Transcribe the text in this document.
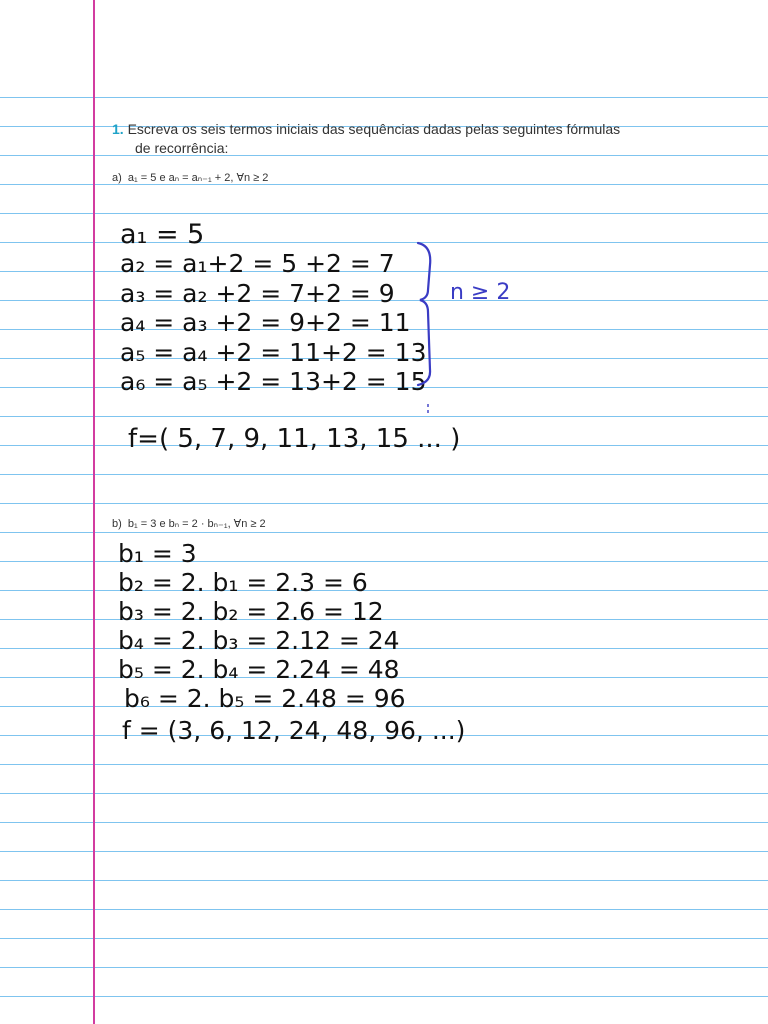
1. Escreva os seis termos iniciais das sequências dadas pelas seguintes fórmulas
de recorrência:
a) a₁ = 5 e aₙ = aₙ₋₁ + 2, ∀n ≥ 2
a₁ = 5
a₂ = a₁+2 = 5 +2 = 7
a₃ = a₂ +2 = 7+2 = 9
a₄ = a₃ +2 = 9+2 = 11
a₅ = a₄ +2 = 11+2 = 13
a₆ = a₅ +2 = 13+2 = 15
n ≥ 2
f=( 5, 7, 9, 11, 13, 15 ... )
b) b₁ = 3 e bₙ = 2 · bₙ₋₁, ∀n ≥ 2
b₁ = 3
b₂ = 2. b₁ = 2.3 = 6
b₃ = 2. b₂ = 2.6 = 12
b₄ = 2. b₃ = 2.12 = 24
b₅ = 2. b₄ = 2.24 = 48
b₆ = 2. b₅ = 2.48 = 96
f = (3, 6, 12, 24, 48, 96, ...)
